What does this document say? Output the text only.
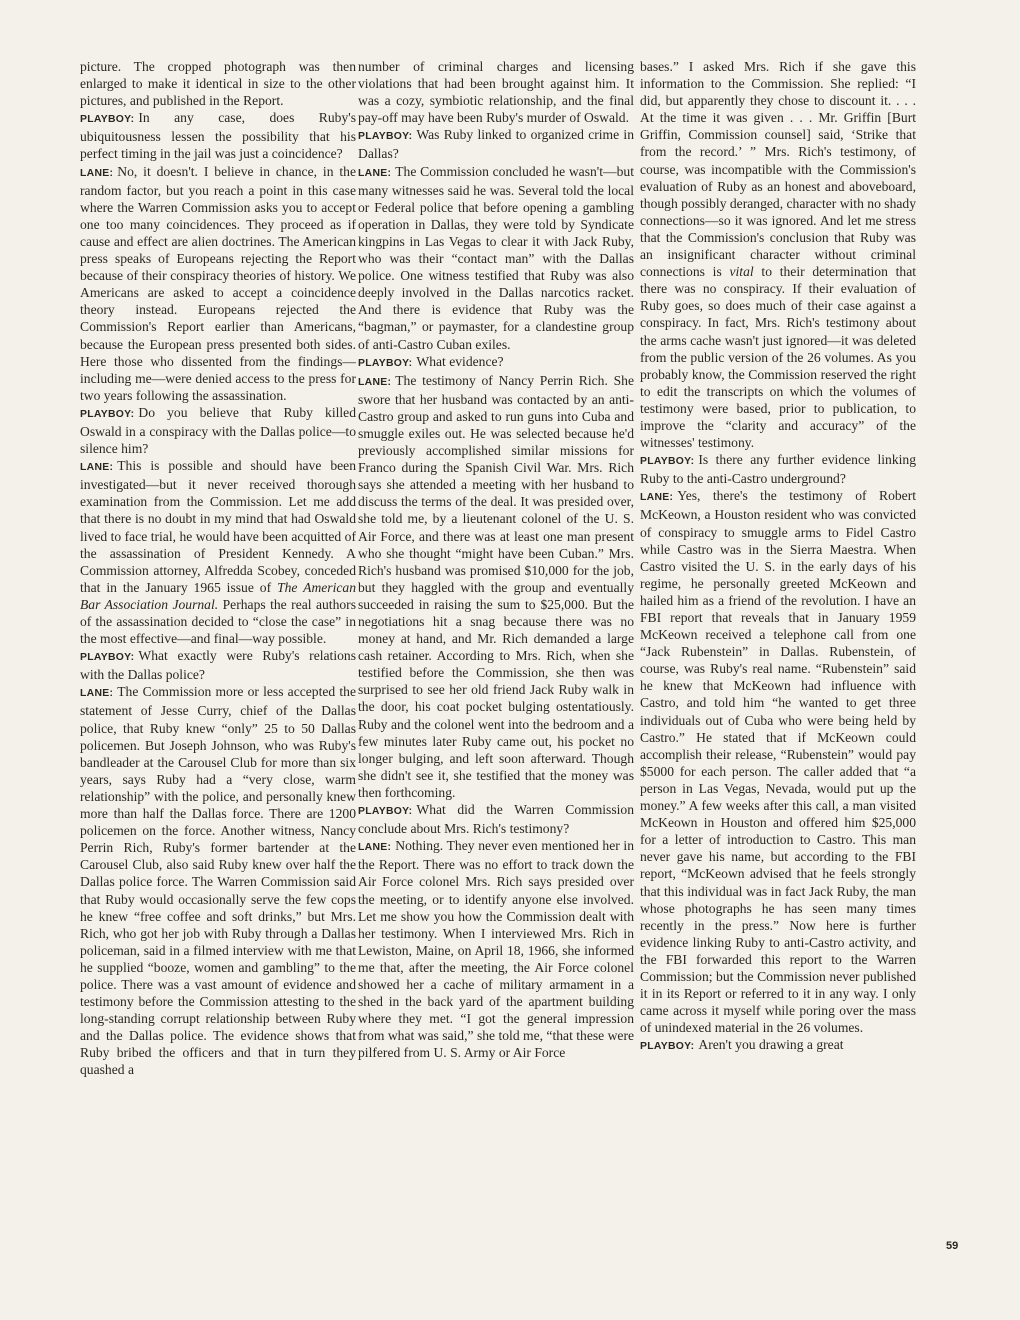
picture. The cropped photograph was then enlarged to make it identical in size to the other pictures, and published in the Report.

PLAYBOY: In any case, does Ruby's ubiquitousness lessen the possibility that his perfect timing in the jail was just a coincidence?

LANE: No, it doesn't. I believe in chance, in the random factor, but you reach a point in this case where the Warren Commission asks you to accept one too many coincidences. They proceed as if cause and effect are alien doctrines. The American press speaks of Europeans rejecting the Report because of their conspiracy theories of history. We Americans are asked to accept a coincidence theory instead. Europeans rejected the Commission's Report earlier than Americans, because the European press presented both sides. Here those who dissented from the findings—including me—were denied access to the press for two years following the assassination.

PLAYBOY: Do you believe that Ruby killed Oswald in a conspiracy with the Dallas police—to silence him?

LANE: This is possible and should have been investigated—but it never received thorough examination from the Commission. Let me add that there is no doubt in my mind that had Oswald lived to face trial, he would have been acquitted of the assassination of President Kennedy. A Commission attorney, Alfredda Scobey, conceded that in the January 1965 issue of The American Bar Association Journal. Perhaps the real authors of the assassination decided to “close the case” in the most effective—and final—way possible.

PLAYBOY: What exactly were Ruby's relations with the Dallas police?

LANE: The Commission more or less accepted the statement of Jesse Curry, chief of the Dallas police, that Ruby knew “only” 25 to 50 Dallas policemen. But Joseph Johnson, who was Ruby's bandleader at the Carousel Club for more than six years, says Ruby had a “very close, warm relationship” with the police, and personally knew more than half the Dallas force. There are 1200 policemen on the force. Another witness, Nancy Perrin Rich, Ruby's former bartender at the Carousel Club, also said Ruby knew over half the Dallas police force. The Warren Commission said that Ruby would occasionally serve the few cops he knew “free coffee and soft drinks,” but Mrs. Rich, who got her job with Ruby through a Dallas policeman, said in a filmed interview with me that he supplied “booze, women and gambling” to the police. There was a vast amount of evidence and testimony before the Commission attesting to the long-standing corrupt relationship between Ruby and the Dallas police. The evidence shows that Ruby bribed the officers and that in turn they quashed a

number of criminal charges and licensing violations that had been brought against him. It was a cozy, symbiotic relationship, and the final pay-off may have been Ruby's murder of Oswald.

PLAYBOY: Was Ruby linked to organized crime in Dallas?

LANE: The Commission concluded he wasn't—but many witnesses said he was. Several told the local or Federal police that before opening a gambling operation in Dallas, they were told by Syndicate kingpins in Las Vegas to clear it with Jack Ruby, who was their “contact man” with the Dallas police. One witness testified that Ruby was also deeply involved in the Dallas narcotics racket. And there is evidence that Ruby was the “bagman,” or paymaster, for a clandestine group of anti-Castro Cuban exiles.

PLAYBOY: What evidence?

LANE: The testimony of Nancy Perrin Rich. She swore that her husband was contacted by an anti-Castro group and asked to run guns into Cuba and smuggle exiles out. He was selected because he'd previously accomplished similar missions for Franco during the Spanish Civil War. Mrs. Rich says she attended a meeting with her husband to discuss the terms of the deal. It was presided over, she told me, by a lieutenant colonel of the U. S. Air Force, and there was at least one man present who she thought “might have been Cuban.” Mrs. Rich's husband was promised $10,000 for the job, but they haggled with the group and eventually succeeded in raising the sum to $25,000. But the negotiations hit a snag because there was no money at hand, and Mr. Rich demanded a large cash retainer. According to Mrs. Rich, when she testified before the Commission, she then was surprised to see her old friend Jack Ruby walk in the door, his coat pocket bulging ostentatiously. Ruby and the colonel went into the bedroom and a few minutes later Ruby came out, his pocket no longer bulging, and left soon afterward. Though she didn't see it, she testified that the money was then forthcoming.

PLAYBOY: What did the Warren Commission conclude about Mrs. Rich's testimony?

LANE: Nothing. They never even mentioned her in the Report. There was no effort to track down the Air Force colonel Mrs. Rich says presided over the meeting, or to identify anyone else involved. Let me show you how the Commission dealt with her testimony. When I interviewed Mrs. Rich in Lewiston, Maine, on April 18, 1966, she informed me that, after the meeting, the Air Force colonel showed her a cache of military armament in a shed in the back yard of the apartment building where they met. “I got the general impression from what was said,” she told me, “that these were pilfered from U. S. Army or Air Force

bases.” I asked Mrs. Rich if she gave this information to the Commission. She replied: “I did, but apparently they chose to discount it. . . . At the time it was given . . . Mr. Griffin [Burt Griffin, Commission counsel] said, ‘Strike that from the record.’ ” Mrs. Rich's testimony, of course, was incompatible with the Commission's evaluation of Ruby as an honest and aboveboard, though possibly deranged, character with no shady connections—so it was ignored. And let me stress that the Commission's conclusion that Ruby was an insignificant character without criminal connections is vital to their determination that there was no conspiracy. If their evaluation of Ruby goes, so does much of their case against a conspiracy. In fact, Mrs. Rich's testimony about the arms cache wasn't just ignored—it was deleted from the public version of the 26 volumes. As you probably know, the Commission reserved the right to edit the transcripts on which the volumes of testimony were based, prior to publication, to improve the “clarity and accuracy” of the witnesses' testimony.

PLAYBOY: Is there any further evidence linking Ruby to the anti-Castro underground?

LANE: Yes, there's the testimony of Robert McKeown, a Houston resident who was convicted of conspiracy to smuggle arms to Fidel Castro while Castro was in the Sierra Maestra. When Castro visited the U. S. in the early days of his regime, he personally greeted McKeown and hailed him as a friend of the revolution. I have an FBI report that reveals that in January 1959 McKeown received a telephone call from one “Jack Rubenstein” in Dallas. Rubenstein, of course, was Ruby's real name. “Rubenstein” said he knew that McKeown had influence with Castro, and told him “he wanted to get three individuals out of Cuba who were being held by Castro.” He stated that if McKeown could accomplish their release, “Rubenstein” would pay $5000 for each person. The caller added that “a person in Las Vegas, Nevada, would put up the money.” A few weeks after this call, a man visited McKeown in Houston and offered him $25,000 for a letter of introduction to Castro. This man never gave his name, but according to the FBI report, “McKeown advised that he feels strongly that this individual was in fact Jack Ruby, the man whose photographs he has seen many times recently in the press.” Now here is further evidence linking Ruby to anti-Castro activity, and the FBI forwarded this report to the Warren Commission; but the Commission never published it in its Report or referred to it in any way. I only came across it myself while poring over the mass of unindexed material in the 26 volumes.

PLAYBOY: Aren't you drawing a great

59
